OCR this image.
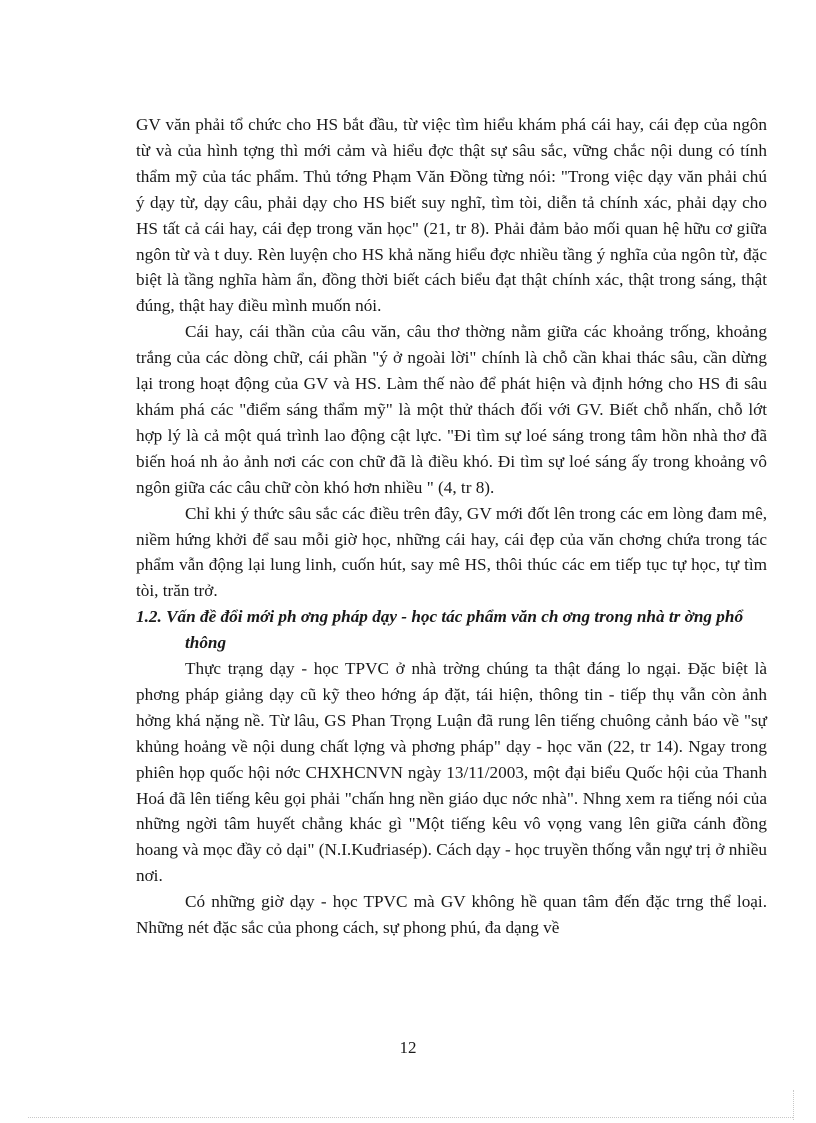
GV văn phải tổ chức cho HS bắt đầu, từ việc tìm hiểu khám phá cái hay, cái đẹp của ngôn từ và của hình tợng thì mới cảm và hiểu đợc thật sự sâu sắc, vững chắc nội dung có tính thẩm mỹ của tác phẩm. Thủ tớng Phạm Văn Đồng từng nói: "Trong việc dạy văn phải chú ý dạy từ, dạy câu, phải dạy cho HS biết suy nghĩ, tìm tòi, diễn tả chính xác, phải dạy cho HS tất cả cái hay, cái đẹp trong văn học" (21, tr 8). Phải đảm bảo mối quan hệ hữu cơ giữa ngôn từ và t duy. Rèn luyện cho HS khả năng hiểu đợc nhiều tầng ý nghĩa của ngôn từ, đặc biệt là tầng nghĩa hàm ẩn, đồng thời biết cách biểu đạt thật chính xác, thật trong sáng, thật đúng, thật hay điều mình muốn nói.

Cái hay, cái thần của câu văn, câu thơ thờng nằm giữa các khoảng trống, khoảng trắng của các dòng chữ, cái phần "ý ở ngoài lời" chính là chỗ cần khai thác sâu, cần dừng lại trong hoạt động của GV và HS. Làm thế nào để phát hiện và định hớng cho HS đi sâu khám phá các "điểm sáng thẩm mỹ" là một thử thách đối với GV. Biết chỗ nhấn, chỗ lớt hợp lý là cả một quá trình lao động cật lực. "Đi tìm sự loé sáng trong tâm hồn nhà thơ đã biến hoá nh ảo ảnh nơi các con chữ đã là điều khó. Đi tìm sự loé sáng ấy trong khoảng vô ngôn giữa các câu chữ còn khó hơn nhiều " (4, tr 8).

Chỉ khi ý thức sâu sắc các điều trên đây, GV mới đốt lên trong các em lòng đam mê, niềm hứng khởi để sau mỗi giờ học, những cái hay, cái đẹp của văn chơng chứa trong tác phẩm vẫn động lại lung linh, cuốn hút, say mê HS, thôi thúc các em tiếp tục tự học, tự tìm tòi, trăn trở.

1.2. Vấn đề đổi mới ph ơng pháp dạy - học tác phẩm văn ch ơng trong nhà tr ờng phổ thông

Thực trạng dạy - học TPVC ở nhà trờng chúng ta thật đáng lo ngại. Đặc biệt là phơng pháp giảng dạy cũ kỹ theo hớng áp đặt, tái hiện, thông tin - tiếp thụ vẫn còn ảnh hởng khá nặng nề. Từ lâu, GS Phan Trọng Luận đã rung lên tiếng chuông cảnh báo về "sự khủng hoảng về nội dung chất lợng và phơng pháp" dạy - học văn (22, tr 14). Ngay trong phiên họp quốc hội nớc CHXHCNVN ngày 13/11/2003, một đại biểu Quốc hội của Thanh Hoá đã lên tiếng kêu gọi phải "chấn hng nền giáo dục nớc nhà". Nhng xem ra tiếng nói của những ngời tâm huyết chẳng khác gì "Một tiếng kêu vô vọng vang lên giữa cánh đồng hoang và mọc đầy cỏ dại" (N.I.Kuđriasép). Cách dạy - học truyền thống vẫn ngự trị ở nhiều nơi.

Có những giờ dạy - học TPVC mà GV không hề quan tâm đến đặc trng thể loại. Những nét đặc sắc của phong cách, sự phong phú, đa dạng về

12
